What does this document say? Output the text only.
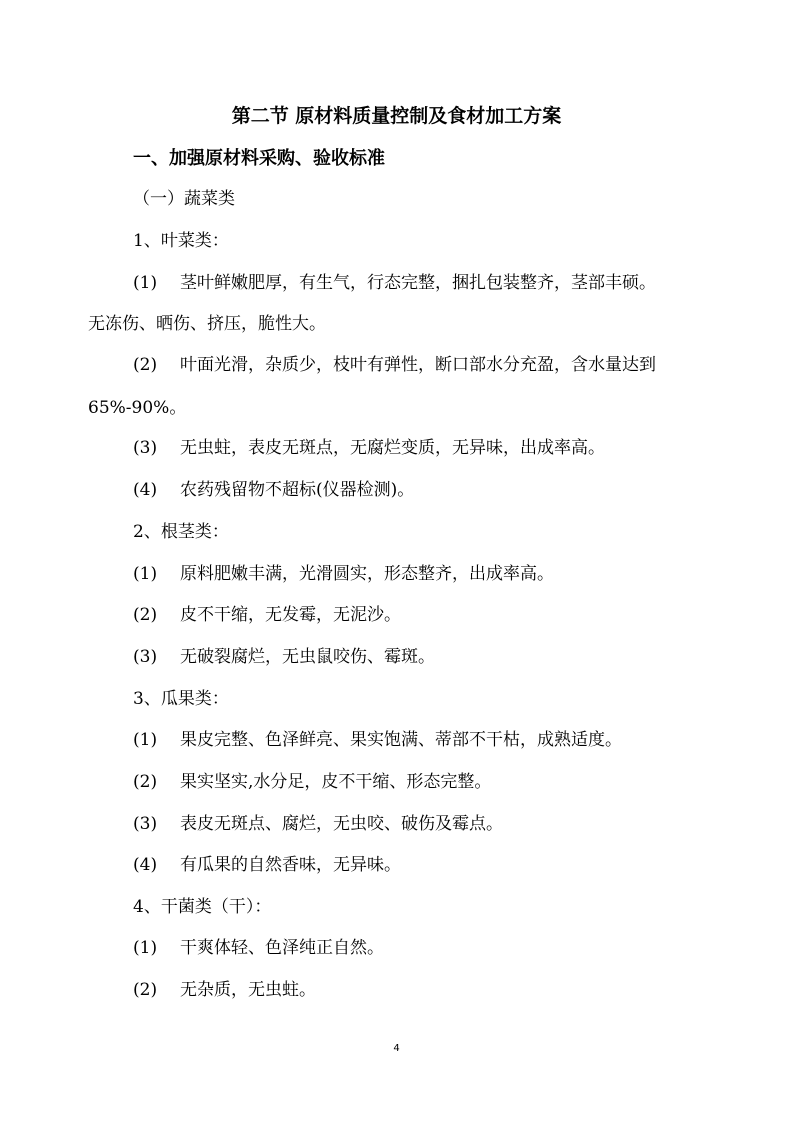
第二节 原材料质量控制及食材加工方案
一、加强原材料采购、验收标准
（一）蔬菜类
1、叶菜类：
(1) 茎叶鲜嫩肥厚，有生气，行态完整，捆扎包装整齐，茎部丰硕。
无冻伤、晒伤、挤压，脆性大。
(2) 叶面光滑，杂质少，枝叶有弹性，断口部水分充盈，含水量达到
65%-90%。
(3) 无虫蛀，表皮无斑点，无腐烂变质，无异味，出成率高。
(4) 农药残留物不超标(仪器检测)。
2、根茎类：
(1) 原料肥嫩丰满，光滑圆实，形态整齐，出成率高。
(2) 皮不干缩，无发霉，无泥沙。
(3) 无破裂腐烂，无虫鼠咬伤、霉斑。
3、瓜果类：
(1) 果皮完整、色泽鲜亮、果实饱满、蒂部不干枯，成熟适度。
(2) 果实坚实,水分足，皮不干缩、形态完整。
(3) 表皮无斑点、腐烂，无虫咬、破伤及霉点。
(4) 有瓜果的自然香味，无异味。
4、干菌类（干）：
(1) 干爽体轻、色泽纯正自然。
(2) 无杂质，无虫蛀。
4
